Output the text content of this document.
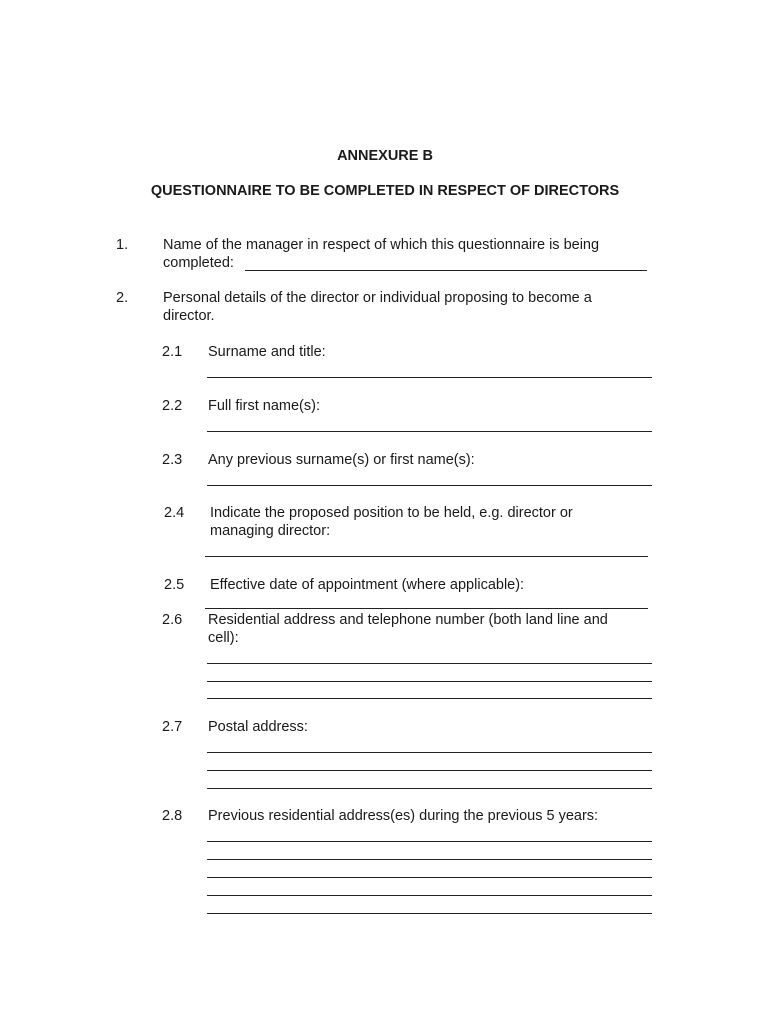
ANNEXURE B
QUESTIONNAIRE TO BE COMPLETED IN RESPECT OF DIRECTORS
1. Name of the manager in respect of which this questionnaire is being
completed:
2. Personal details of the director or individual proposing to become a
director.
2.1 Surname and title:
2.2 Full first name(s):
2.3 Any previous surname(s) or first name(s):
2.4 Indicate the proposed position to be held, e.g. director or
managing director:
2.5 Effective date of appointment (where applicable):
2.6 Residential address and telephone number (both land line and
cell):
2.7 Postal address:
2.8 Previous residential address(es) during the previous 5 years:
